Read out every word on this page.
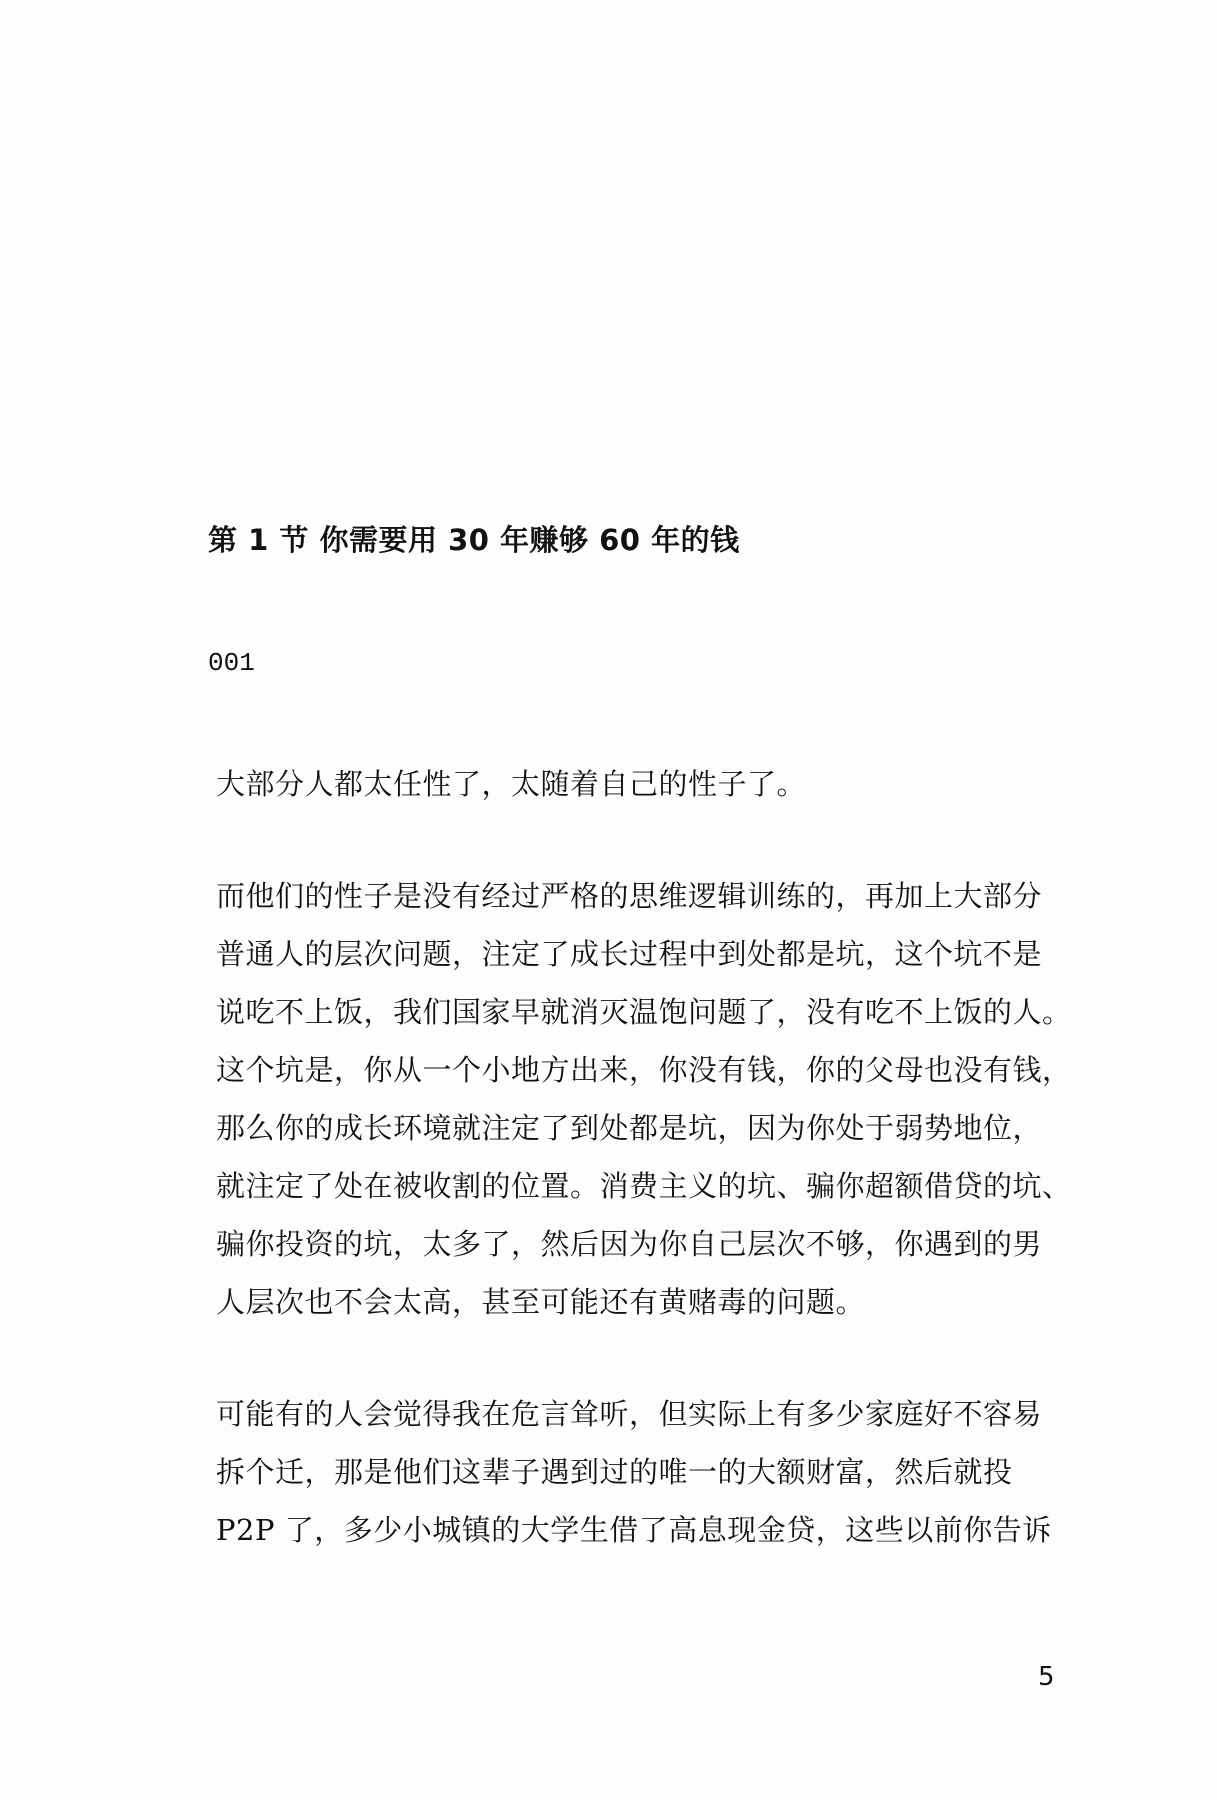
第 1 节 你需要用 30 年赚够 60 年的钱
001
大部分人都太任性了，太随着自己的性子了。
而他们的性子是没有经过严格的思维逻辑训练的，再加上大部分
普通人的层次问题，注定了成长过程中到处都是坑，这个坑不是
说吃不上饭，我们国家早就消灭温饱问题了，没有吃不上饭的人。
这个坑是，你从一个小地方出来，你没有钱，你的父母也没有钱，
那么你的成长环境就注定了到处都是坑，因为你处于弱势地位，
就注定了处在被收割的位置。消费主义的坑、骗你超额借贷的坑、
骗你投资的坑，太多了，然后因为你自己层次不够，你遇到的男
人层次也不会太高，甚至可能还有黄赌毒的问题。
可能有的人会觉得我在危言耸听，但实际上有多少家庭好不容易
拆个迁，那是他们这辈子遇到过的唯一的大额财富，然后就投
P2P 了，多少小城镇的大学生借了高息现金贷，这些以前你告诉
5
